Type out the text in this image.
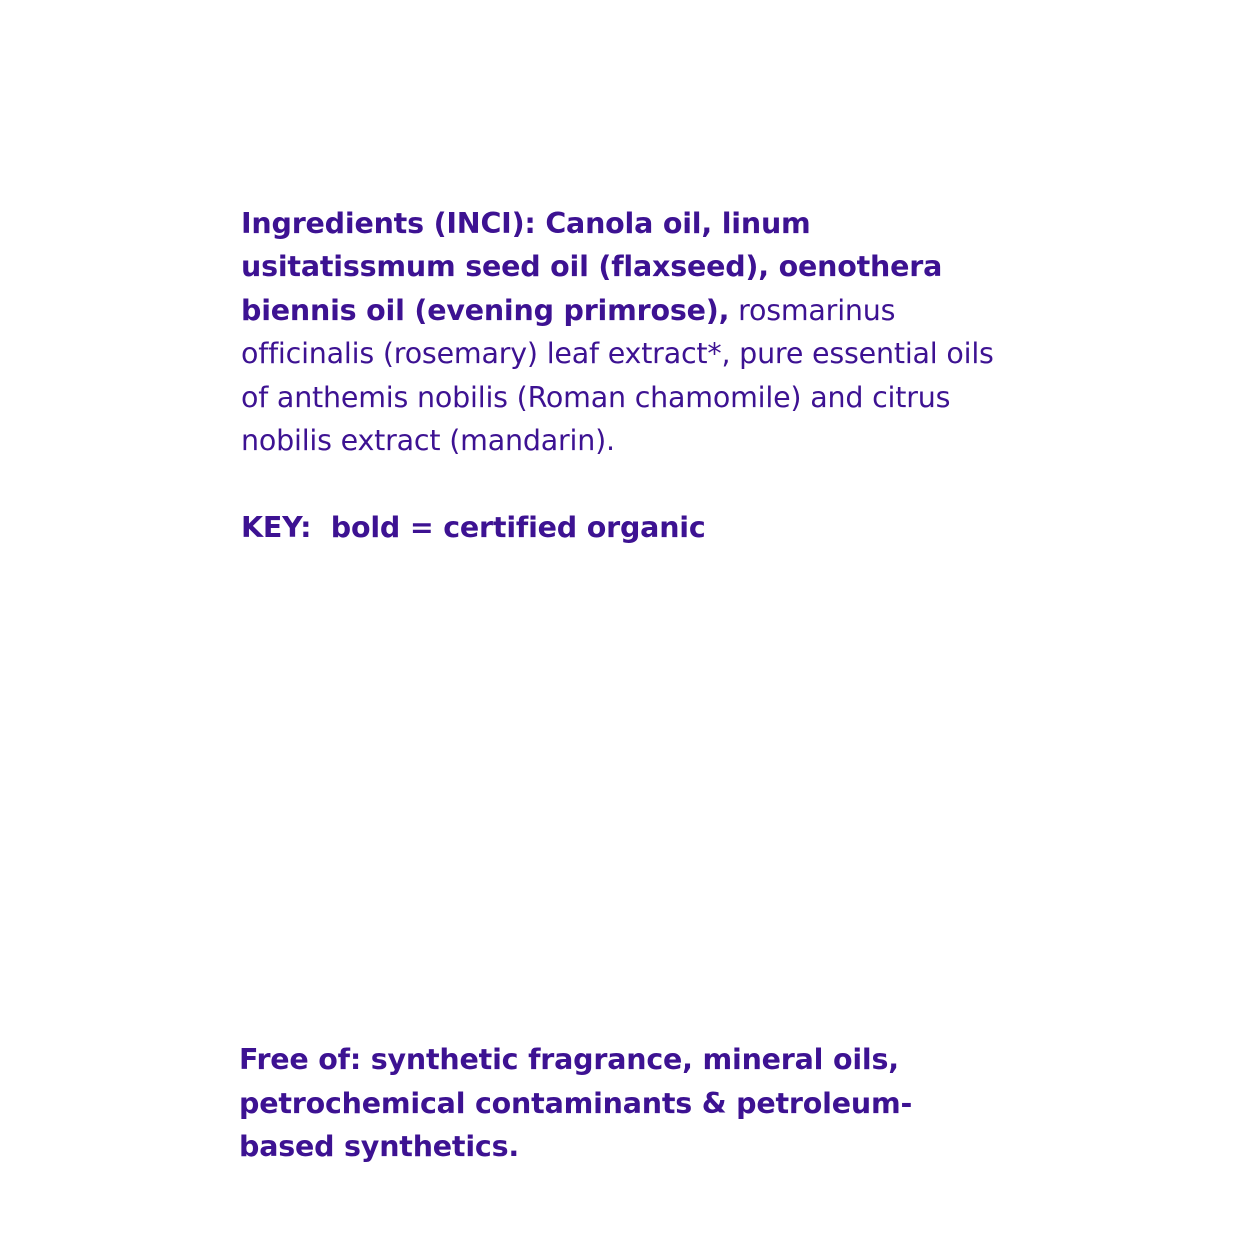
Ingredients (INCI): Canola oil, linum usitatissmum seed oil (flaxseed), oenothera biennis oil (evening primrose), rosmarinus officinalis (rosemary) leaf extract*, pure essential oils of anthemis nobilis (Roman chamomile) and citrus nobilis extract (mandarin).

KEY:  bold = certified organic

Free of: synthetic fragrance, mineral oils, petrochemical contaminants & petroleum-based synthetics.
